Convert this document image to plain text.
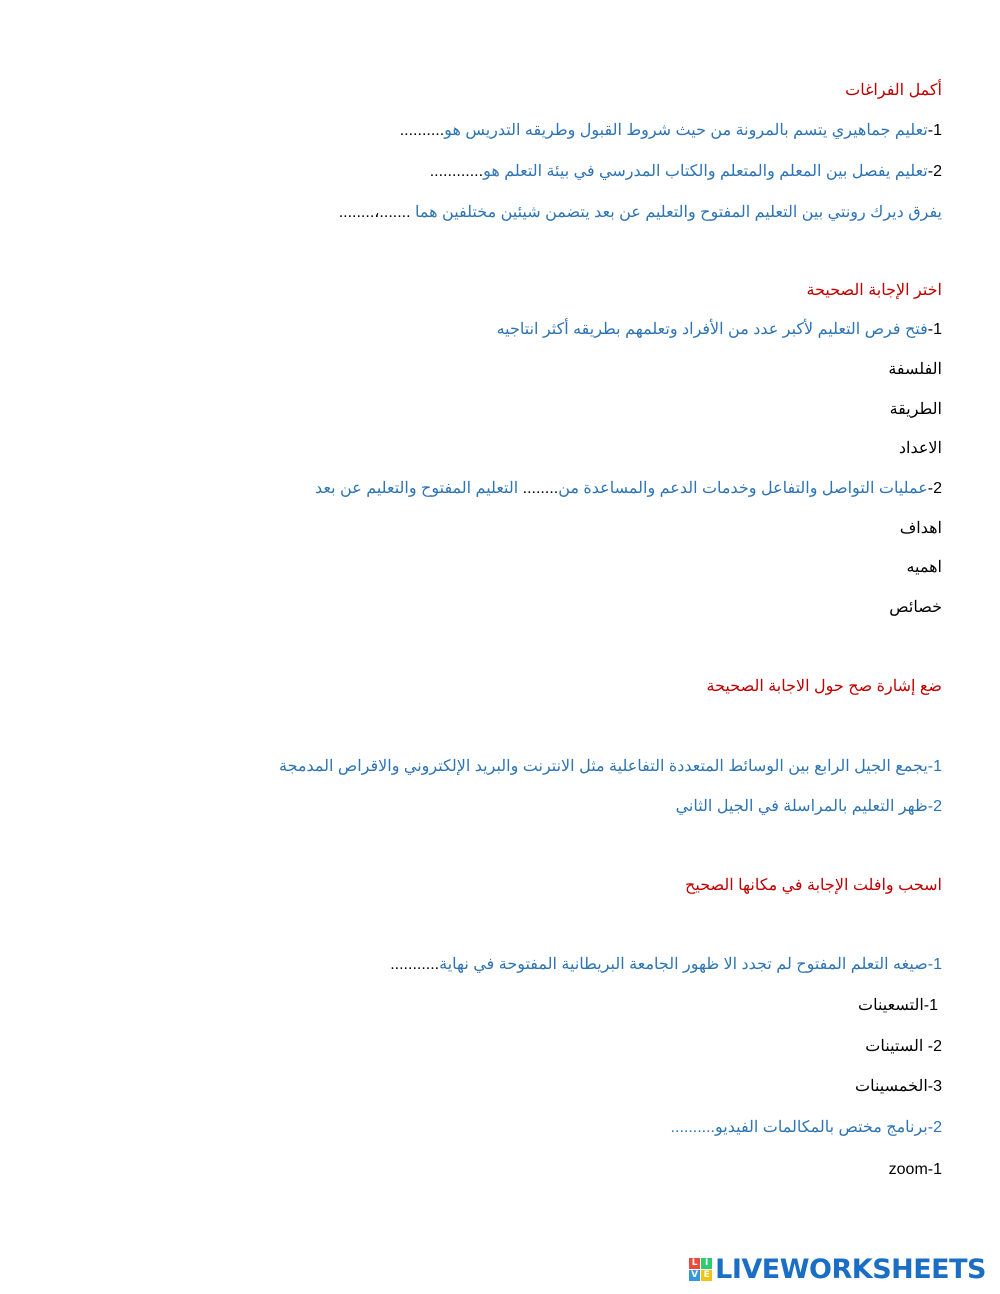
أكمل الفراغات
1-تعليم جماهيري يتسم بالمرونة من حيث شروط القبول وطريقه التدريس هو..........
2-تعليم يفصل بين المعلم والمتعلم والكتاب المدرسي في بيئة التعلم هو............
يفرق ديرك رونتي بين التعليم المفتوح والتعليم عن بعد يتضمن شيئين مختلفين هما .......،........
اختر الإجابة الصحيحة
1-فتح فرص التعليم لأكبر عدد من الأفراد وتعلمهم بطريقه أكثر انتاجيه
الفلسفة
الطريقة
الاعداد
2-عمليات التواصل والتفاعل وخدمات الدعم والمساعدة من........ التعليم المفتوح والتعليم عن بعد
اهداف
اهميه
خصائص
ضع إشارة صح حول الاجابة الصحيحة
1-يجمع الجيل الرابع بين الوسائط المتعددة التفاعلية مثل الانترنت والبريد الإلكتروني والاقراص المدمجة
2-ظهر التعليم بالمراسلة في الجيل الثاني
اسحب وافلت الإجابة في مكانها الصحيح
1-صيغه التعلم المفتوح لم تجدد الا ظهور الجامعة البريطانية المفتوحة في نهاية...........
1-التسعينات
2- الستينات
3-الخمسينات
2-برنامج مختص بالمكالمات الفيديو..........
zoom-1
L I
V E LIVEWORKSHEETS
